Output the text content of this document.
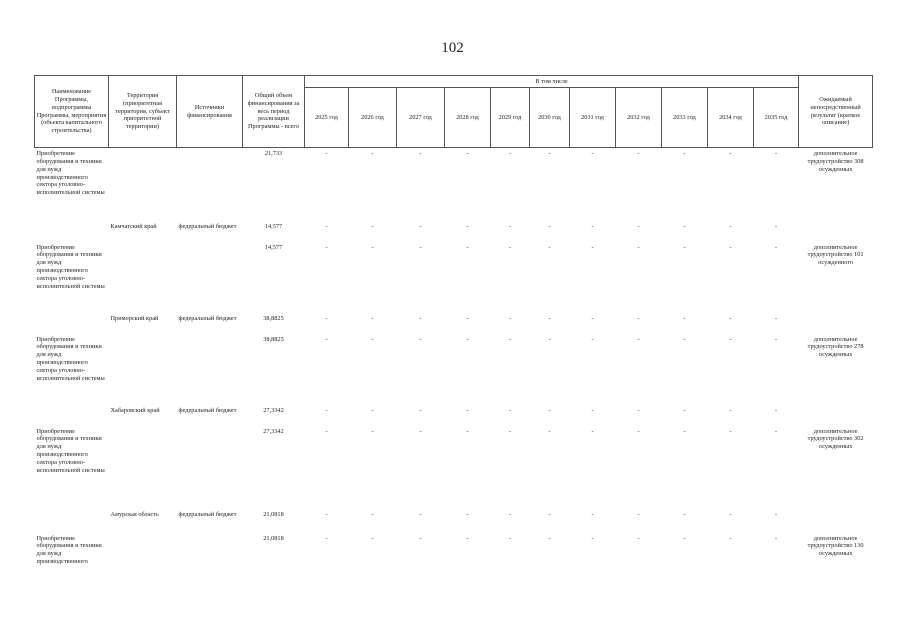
102
Наименование Программы, подпрограммы Программы, мероприятия (объекта капитального строительства)	Территория (приоритетная территория, субъект приоритетной территории)	Источники финансирования	Общий объем финансирования за весь период реализации Программы - всего	В том числе											Ожидаемый непосредственный результат (краткое описание)
				2025 год	2026 год	2027 год	2028 год	2029 год	2030 год	2031 год	2032 год	2033 год	2034 год	2035 год	
Приобретение оборудования и техники для нужд производственного сектора уголовно-исполнительной системы			21,733	-	-	-	-	-	-	-	-	-	-	-	дополнительное трудоустройство 308 осужденных
	Камчатский край	федеральный бюджет	14,577	-	-	-	-	-	-	-	-	-	-	-	
Приобретение оборудования и техники для нужд производственного сектора уголовно-исполнительной системы			14,577	-	-	-	-	-	-	-	-	-	-	-	дополнительное трудоустройство 101 осужденного
	Приморский край	федеральный бюджет	38,8825	-	-	-	-	-	-	-	-	-	-	-	
Приобретение оборудования и техники для нужд производственного сектора уголовно-исполнительной системы			38,8825	-	-	-	-	-	-	-	-	-	-	-	дополнительное трудоустройство 278 осужденных
	Хабаровский край	федеральный бюджет	27,3342	-	-	-	-	-	-	-	-	-	-	-	
Приобретение оборудования и техники для нужд производственного сектора уголовно-исполнительной системы			27,3342	-	-	-	-	-	-	-	-	-	-	-	дополнительное трудоустройство 302 осужденных
	Амурская область	федеральный бюджет	21,0818	-	-	-	-	-	-	-	-	-	-	-	
Приобретение оборудования и техники для нужд производственного			21,0818	-	-	-	-	-	-	-	-	-	-	-	дополнительное трудоустройство 130 осужденных
